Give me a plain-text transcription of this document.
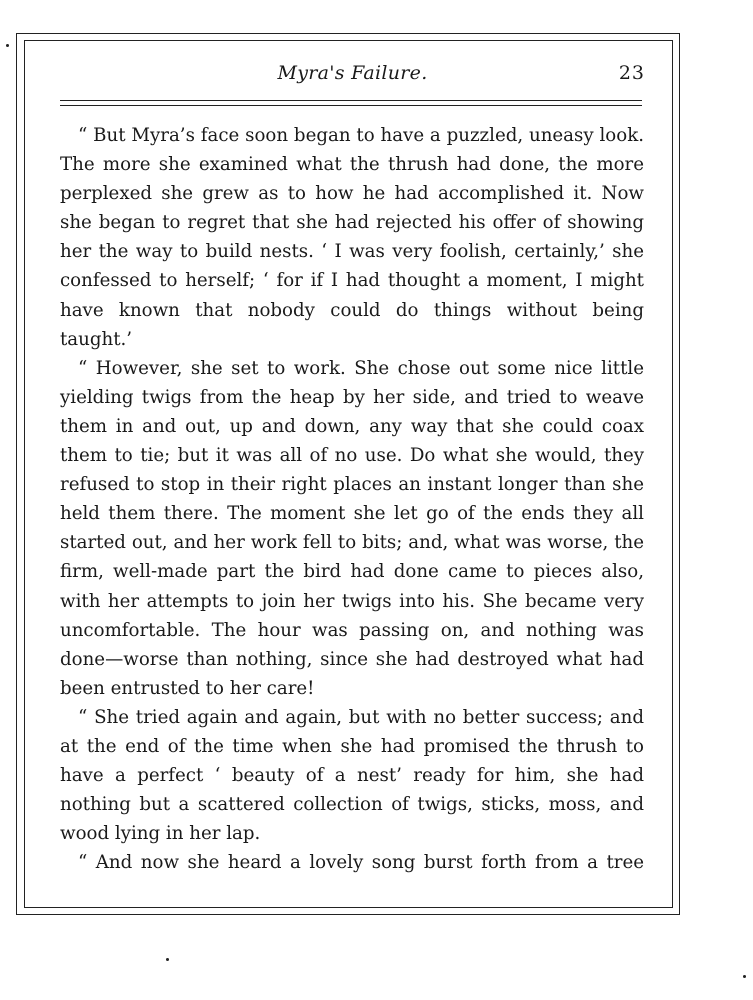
Myra's Failure.	23

“ But Myra’s face soon began to have a puzzled, uneasy look. The more she examined what the thrush had done, the more perplexed she grew as to how he had accomplished it. Now she began to regret that she had rejected his offer of showing her the way to build nests. ‘ I was very foolish, certainly,’ she confessed to herself; ‘ for if I had thought a moment, I might have known that nobody could do things without being taught.’

“ However, she set to work. She chose out some nice little yielding twigs from the heap by her side, and tried to weave them in and out, up and down, any way that she could coax them to tie; but it was all of no use. Do what she would, they refused to stop in their right places an instant longer than she held them there. The moment she let go of the ends they all started out, and her work fell to bits; and, what was worse, the firm, well-made part the bird had done came to pieces also, with her attempts to join her twigs into his. She became very uncomfortable. The hour was passing on, and nothing was done—worse than nothing, since she had destroyed what had been entrusted to her care!

“ She tried again and again, but with no better success; and at the end of the time when she had promised the thrush to have a perfect ‘ beauty of a nest’ ready for him, she had nothing but a scattered collection of twigs, sticks, moss, and wood lying in her lap.

“ And now she heard a lovely song burst forth from a tree
